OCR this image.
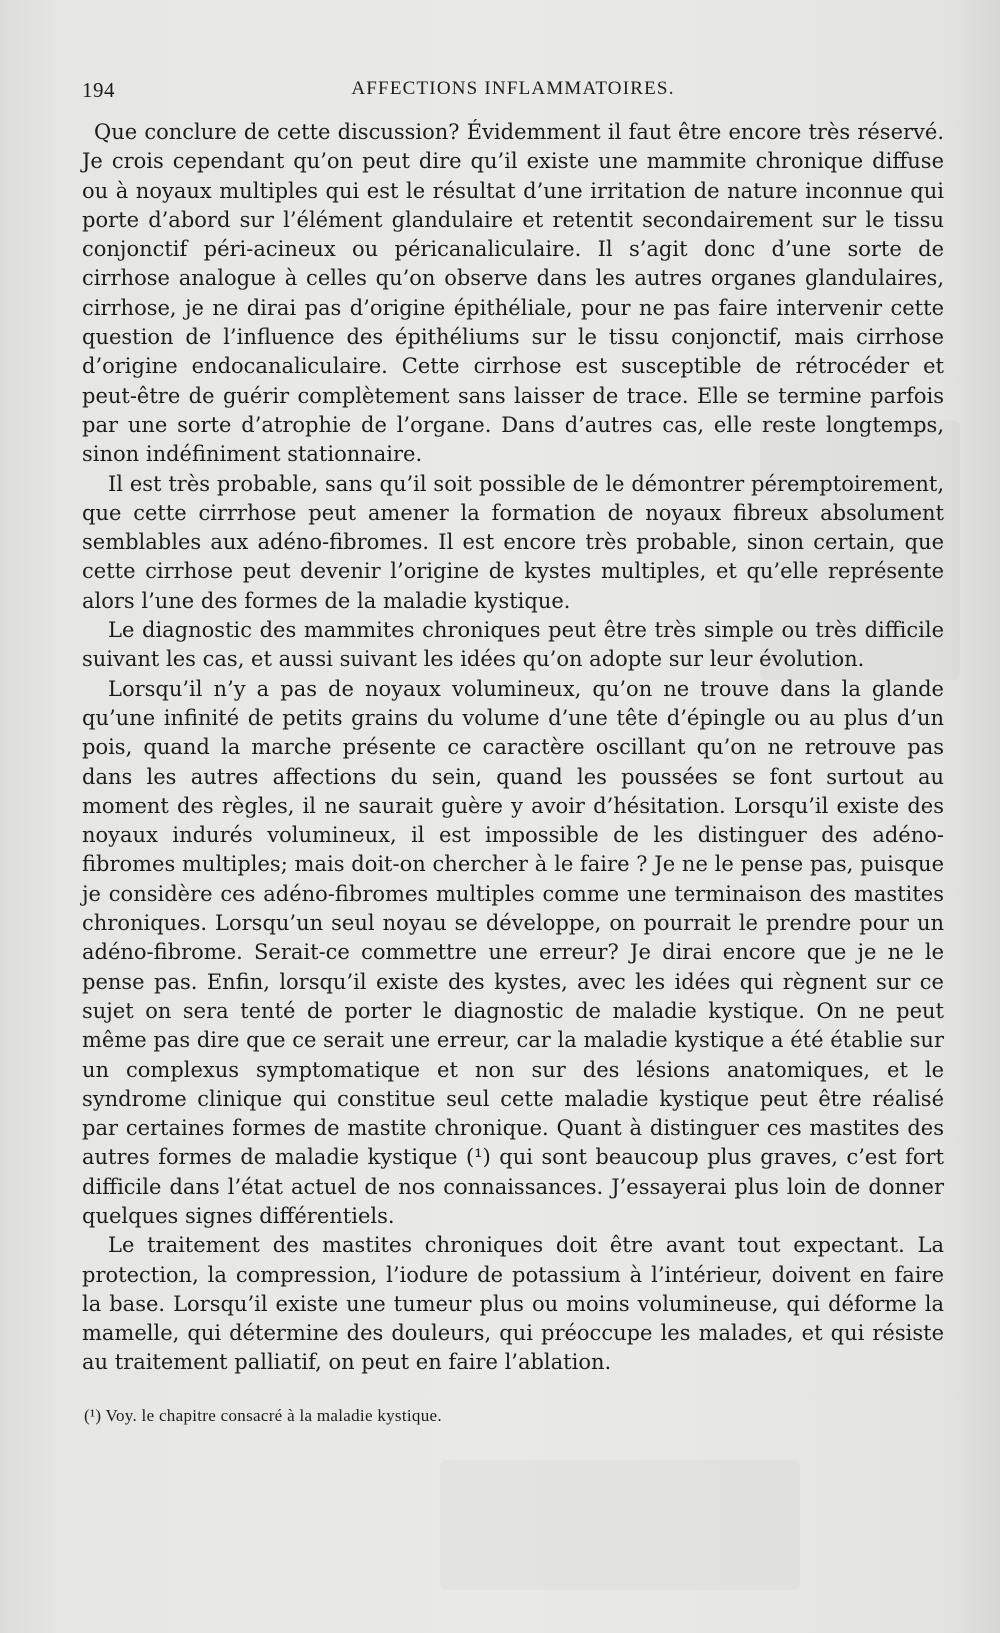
194	AFFECTIONS INFLAMMATOIRES.

Que conclure de cette discussion? Évidemment il faut être encore très réservé. Je crois cependant qu’on peut dire qu’il existe une mammite chronique diffuse ou à noyaux multiples qui est le résultat d’une irritation de nature inconnue qui porte d’abord sur l’élément glandulaire et retentit secondairement sur le tissu conjonctif péri-acineux ou péricanaliculaire. Il s’agit donc d’une sorte de cirrhose analogue à celles qu’on observe dans les autres organes glandulaires, cirrhose, je ne dirai pas d’origine épithéliale, pour ne pas faire intervenir cette question de l’influence des épithéliums sur le tissu conjonctif, mais cirrhose d’origine endocanaliculaire. Cette cirrhose est susceptible de rétrocéder et peut-être de guérir complètement sans laisser de trace. Elle se termine parfois par une sorte d’atrophie de l’organe. Dans d’autres cas, elle reste longtemps, sinon indéfiniment stationnaire.

Il est très probable, sans qu’il soit possible de le démontrer péremptoirement, que cette cirrrhose peut amener la formation de noyaux fibreux absolument semblables aux adéno-fibromes. Il est encore très probable, sinon certain, que cette cirrhose peut devenir l’origine de kystes multiples, et qu’elle représente alors l’une des formes de la maladie kystique.

Le diagnostic des mammites chroniques peut être très simple ou très difficile suivant les cas, et aussi suivant les idées qu’on adopte sur leur évolution.

Lorsqu’il n’y a pas de noyaux volumineux, qu’on ne trouve dans la glande qu’une infinité de petits grains du volume d’une tête d’épingle ou au plus d’un pois, quand la marche présente ce caractère oscillant qu’on ne retrouve pas dans les autres affections du sein, quand les poussées se font surtout au moment des règles, il ne saurait guère y avoir d’hésitation. Lorsqu’il existe des noyaux indurés volumineux, il est impossible de les distinguer des adéno-fibromes multiples; mais doit-on chercher à le faire ? Je ne le pense pas, puisque je considère ces adéno-fibromes multiples comme une terminaison des mastites chroniques. Lorsqu’un seul noyau se développe, on pourrait le prendre pour un adéno-fibrome. Serait-ce commettre une erreur? Je dirai encore que je ne le pense pas. Enfin, lorsqu’il existe des kystes, avec les idées qui règnent sur ce sujet on sera tenté de porter le diagnostic de maladie kystique. On ne peut même pas dire que ce serait une erreur, car la maladie kystique a été établie sur un complexus symptomatique et non sur des lésions anatomiques, et le syndrome clinique qui constitue seul cette maladie kystique peut être réalisé par certaines formes de mastite chronique. Quant à distinguer ces mastites des autres formes de maladie kystique (¹) qui sont beaucoup plus graves, c’est fort difficile dans l’état actuel de nos connaissances. J’essayerai plus loin de donner quelques signes différentiels.

Le traitement des mastites chroniques doit être avant tout expectant. La protection, la compression, l’iodure de potassium à l’intérieur, doivent en faire la base. Lorsqu’il existe une tumeur plus ou moins volumineuse, qui déforme la mamelle, qui détermine des douleurs, qui préoccupe les malades, et qui résiste au traitement palliatif, on peut en faire l’ablation.

(¹) Voy. le chapitre consacré à la maladie kystique.
